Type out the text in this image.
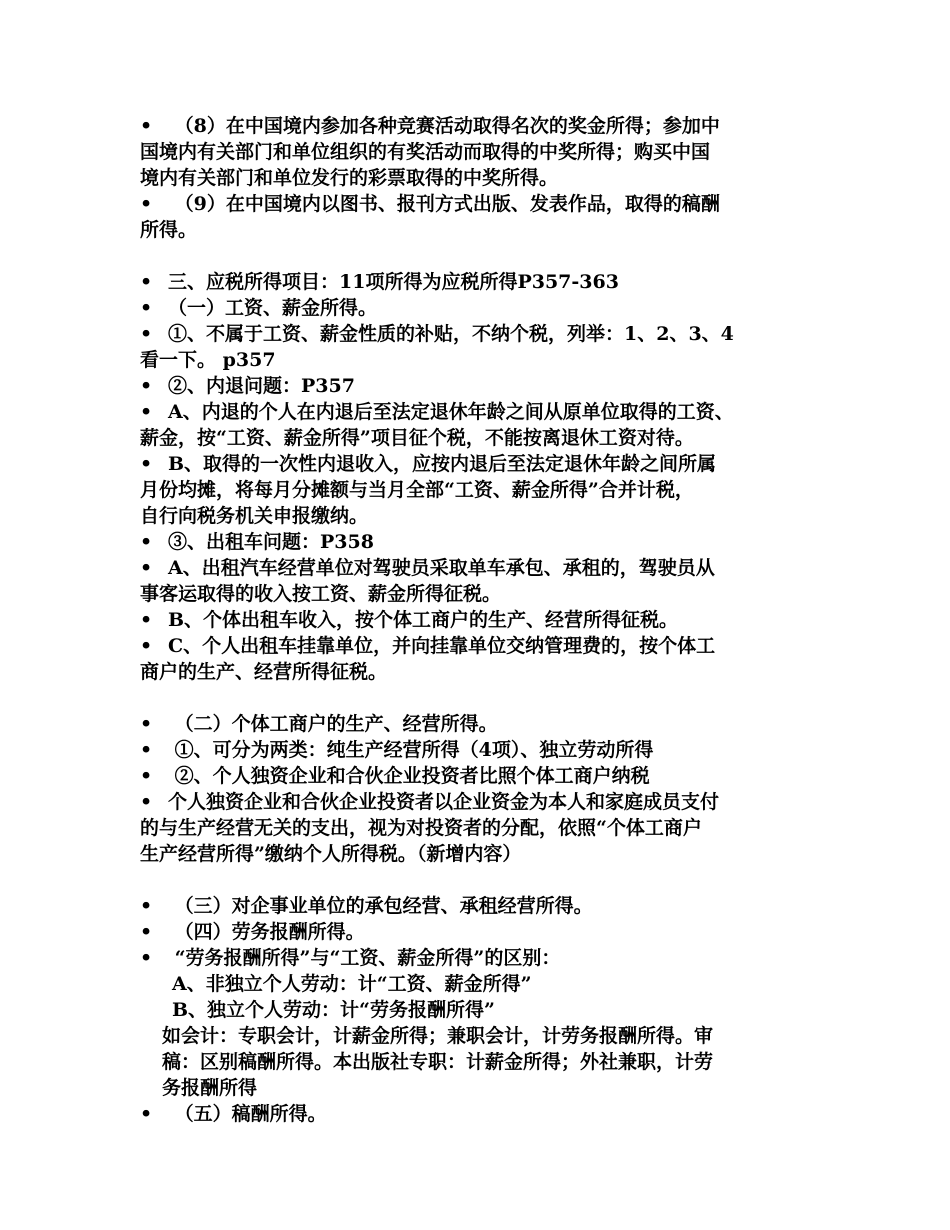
• （8）在中国境内参加各种竞赛活动取得名次的奖金所得；参加中
国境内有关部门和单位组织的有奖活动而取得的中奖所得；购买中国
境内有关部门和单位发行的彩票取得的中奖所得。
• （9）在中国境内以图书、报刊方式出版、发表作品，取得的稿酬
所得。
• 三、应税所得项目：11项所得为应税所得P357-363
• （一）工资、薪金所得。
• ①、不属于工资、薪金性质的补贴，不纳个税，列举：1、2、3、4
看一下。 p357
• ②、内退问题：P357
• A、内退的个人在内退后至法定退休年龄之间从原单位取得的工资、
薪金，按“工资、薪金所得”项目征个税，不能按离退休工资对待。
• B、取得的一次性内退收入，应按内退后至法定退休年龄之间所属
月份均摊，将每月分摊额与当月全部“工资、薪金所得”合并计税，
自行向税务机关申报缴纳。
• ③、出租车问题：P358
• A、出租汽车经营单位对驾驶员采取单车承包、承租的，驾驶员从
事客运取得的收入按工资、薪金所得征税。
• B、个体出租车收入，按个体工商户的生产、经营所得征税。
• C、个人出租车挂靠单位，并向挂靠单位交纳管理费的，按个体工
商户的生产、经营所得征税。
• （二）个体工商户的生产、经营所得。
• ①、可分为两类：纯生产经营所得（4项）、独立劳动所得
• ②、个人独资企业和合伙企业投资者比照个体工商户纳税
• 个人独资企业和合伙企业投资者以企业资金为本人和家庭成员支付
的与生产经营无关的支出，视为对投资者的分配，依照“个体工商户
生产经营所得”缴纳个人所得税。（新增内容）
• （三）对企事业单位的承包经营、承租经营所得。
• （四）劳务报酬所得。
• “劳务报酬所得”与“工资、薪金所得”的区别：
A、非独立个人劳动：计“工资、薪金所得”
B、独立个人劳动：计“劳务报酬所得”
如会计：专职会计，计薪金所得；兼职会计，计劳务报酬所得。审
稿：区别稿酬所得。本出版社专职：计薪金所得；外社兼职，计劳
务报酬所得
• （五）稿酬所得。
